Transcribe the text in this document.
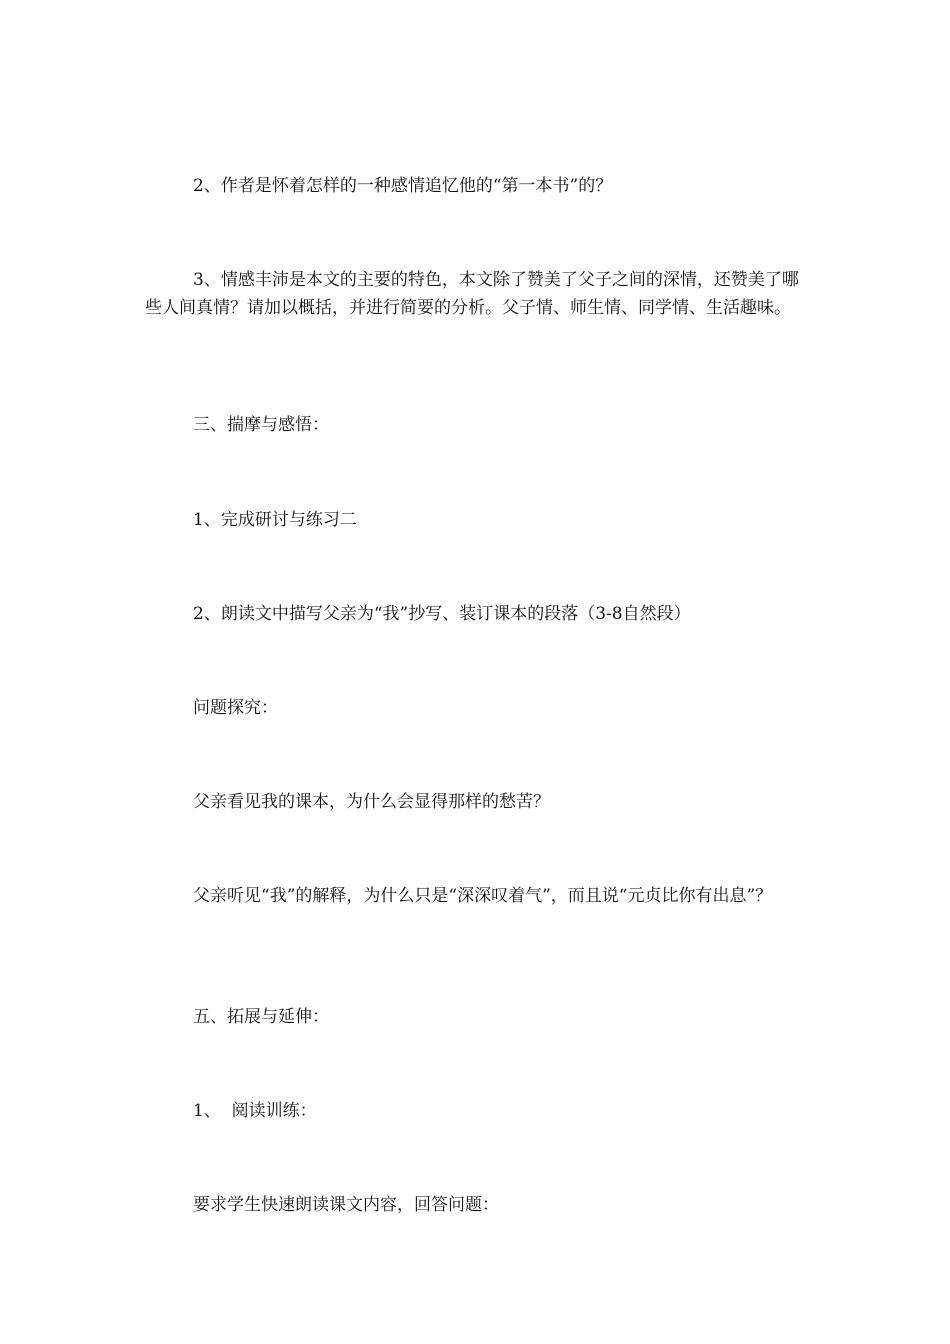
2、作者是怀着怎样的一种感情追忆他的“第一本书”的？

3、情感丰沛是本文的主要的特色，本文除了赞美了父子之间的深情，还赞美了哪些人间真情？请加以概括，并进行简要的分析。父子情、师生情、同学情、生活趣味。

三、揣摩与感悟：

1、完成研讨与练习二

2、朗读文中描写父亲为“我”抄写、装订课本的段落（3-8自然段）

问题探究：

父亲看见我的课本，为什么会显得那样的愁苦？

父亲听见“我”的解释，为什么只是“深深叹着气”，而且说“元贞比你有出息”？

五、拓展与延伸：

1、  阅读训练：

要求学生快速朗读课文内容，回答问题：
